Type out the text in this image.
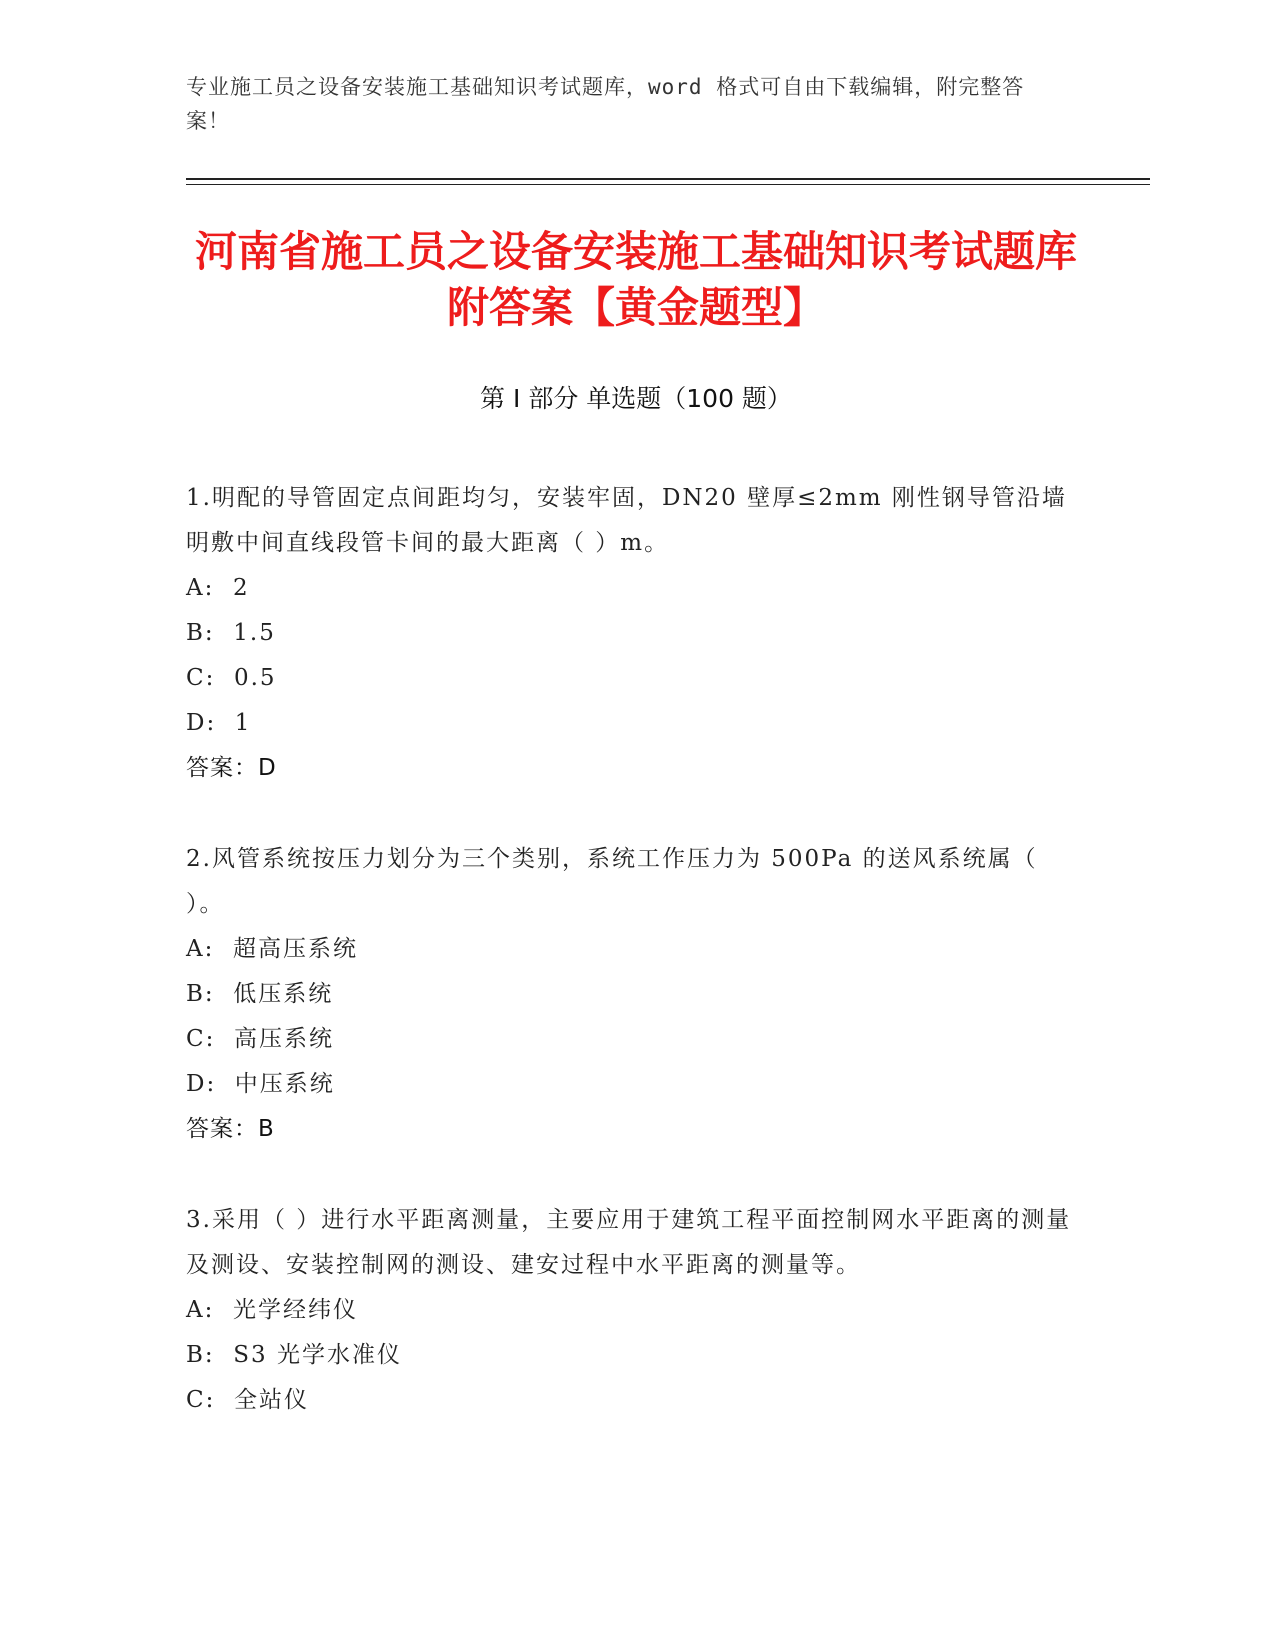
专业施工员之设备安装施工基础知识考试题库，word 格式可自由下载编辑，附完整答案！
河南省施工员之设备安装施工基础知识考试题库附答案【黄金题型】
第 I 部分 单选题（100 题）
1.明配的导管固定点间距均匀，安装牢固，DN20 壁厚≤2mm 刚性钢导管沿墙明敷中间直线段管卡间的最大距离（ ）m。
A:  2
B:  1.5
C:  0.5
D:  1
答案：D
2.风管系统按压力划分为三个类别，系统工作压力为 500Pa 的送风系统属（ ）。
A:  超高压系统
B:  低压系统
C:  高压系统
D:  中压系统
答案：B
3.采用（ ）进行水平距离测量，主要应用于建筑工程平面控制网水平距离的测量及测设、安装控制网的测设、建安过程中水平距离的测量等。
A:  光学经纬仪
B:  S3 光学水准仪
C:  全站仪
